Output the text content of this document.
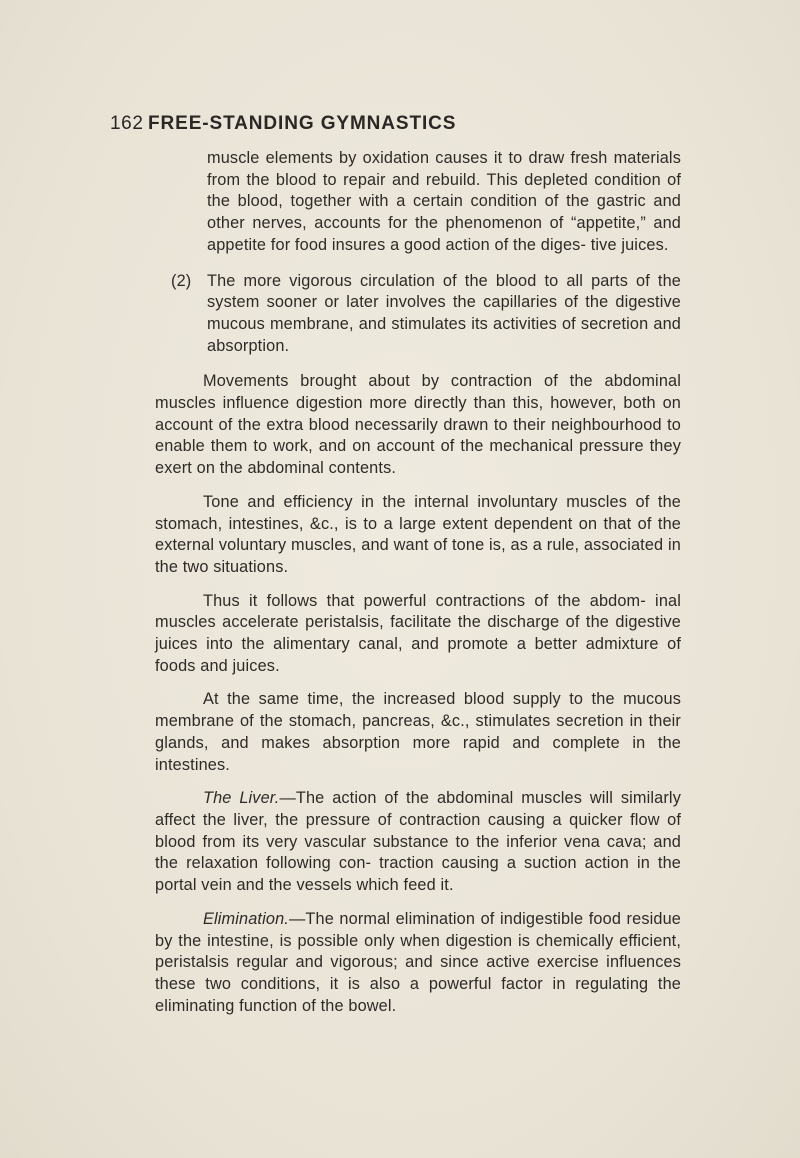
162 FREE-STANDING GYMNASTICS

muscle elements by oxidation causes it to draw fresh materials from the blood to repair and rebuild. This depleted condition of the blood, together with a certain condition of the gastric and other nerves, accounts for the phenomenon of “appetite,” and appetite for food insures a good action of the diges- tive juices.

(2) The more vigorous circulation of the blood to all parts of the system sooner or later involves the capillaries of the digestive mucous membrane, and stimulates its activities of secretion and absorption.

Movements brought about by contraction of the abdominal muscles influence digestion more directly than this, however, both on account of the extra blood necessarily drawn to their neighbourhood to enable them to work, and on account of the mechanical pressure they exert on the abdominal contents.

Tone and efficiency in the internal involuntary muscles of the stomach, intestines, &c., is to a large extent dependent on that of the external voluntary muscles, and want of tone is, as a rule, associated in the two situations.

Thus it follows that powerful contractions of the abdom- inal muscles accelerate peristalsis, facilitate the discharge of the digestive juices into the alimentary canal, and promote a better admixture of foods and juices.

At the same time, the increased blood supply to the mucous membrane of the stomach, pancreas, &c., stimulates secretion in their glands, and makes absorption more rapid and complete in the intestines.

The Liver.—The action of the abdominal muscles will similarly affect the liver, the pressure of contraction causing a quicker flow of blood from its very vascular substance to the inferior vena cava; and the relaxation following con- traction causing a suction action in the portal vein and the vessels which feed it.

Elimination.—The normal elimination of indigestible food residue by the intestine, is possible only when digestion is chemically efficient, peristalsis regular and vigorous; and since active exercise influences these two conditions, it is also a powerful factor in regulating the eliminating function of the bowel.
